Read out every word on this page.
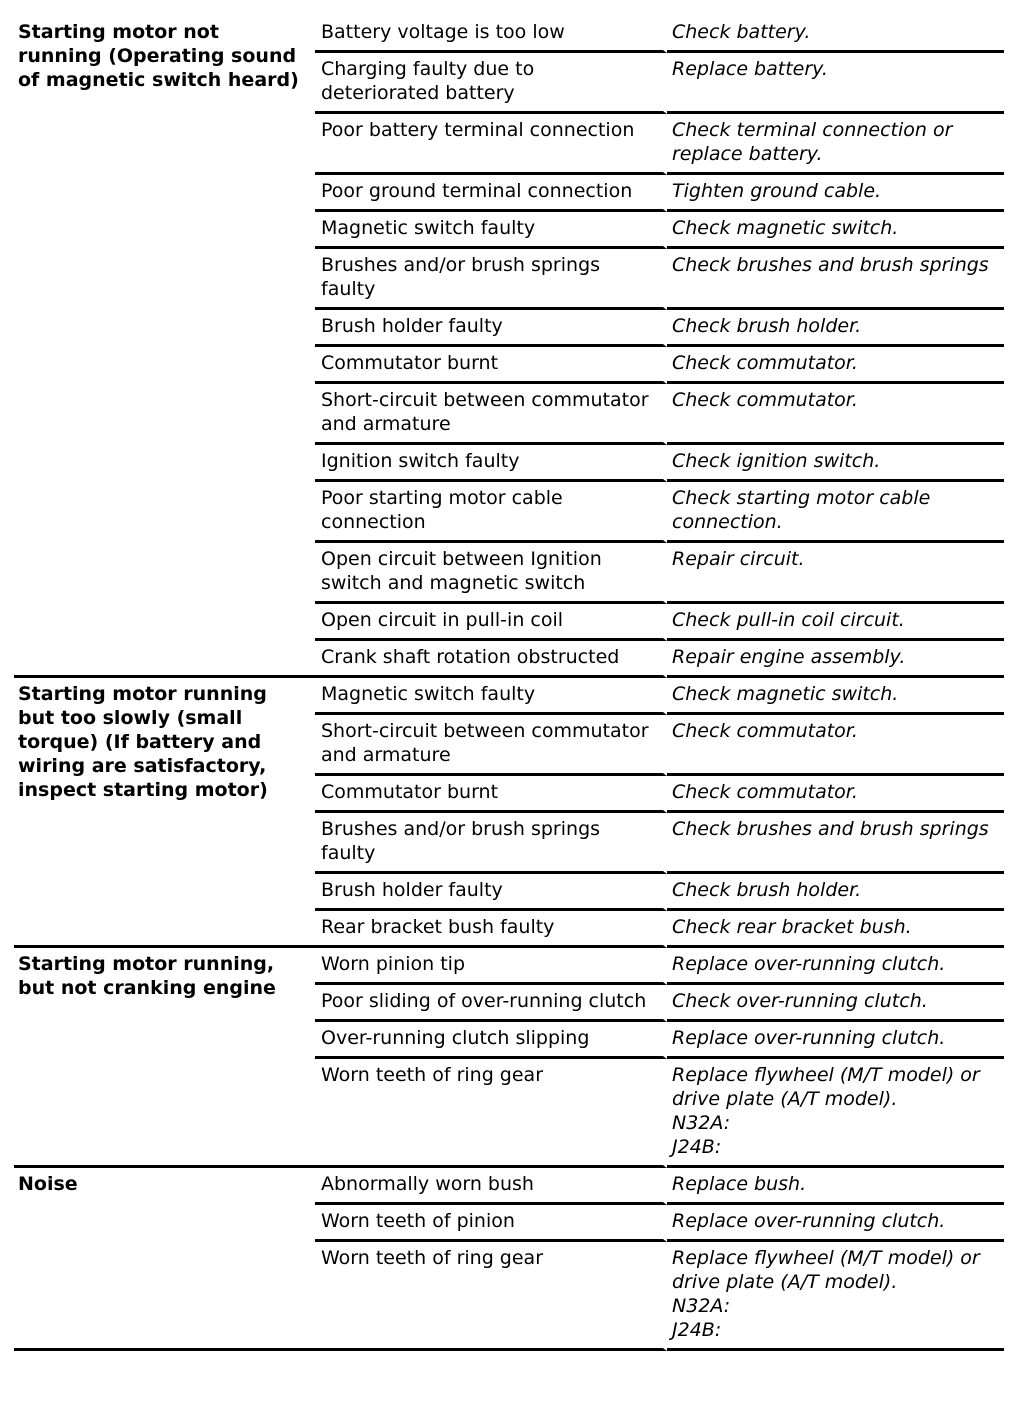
Starting motor not running (Operating sound of magnetic switch heard)	Battery voltage is too low	Check battery.

	Charging faulty due to deteriorated battery	Replace battery.

	Poor battery terminal connection	Check terminal connection or
replace battery.

	Poor ground terminal connection	Tighten ground cable.

	Magnetic switch faulty	Check magnetic switch.

	Brushes and/or brush springs faulty	Check brushes and brush springs

	Brush holder faulty	Check brush holder.

	Commutator burnt	Check commutator.

	Short-circuit between commutator and armature	Check commutator.

	Ignition switch faulty	Check ignition switch.

	Poor starting motor cable connection	Check starting motor cable
connection.

	Open circuit between Ignition switch and magnetic switch	Repair circuit.

	Open circuit in pull-in coil	Check pull-in coil circuit.

	Crank shaft rotation obstructed	Repair engine assembly.

Starting motor running but too slowly (small torque) (If battery and wiring are satisfactory, inspect starting motor)	Magnetic switch faulty	Check magnetic switch.

	Short-circuit between commutator and armature	Check commutator.

	Commutator burnt	Check commutator.

	Brushes and/or brush springs faulty	Check brushes and brush springs

	Brush holder faulty	Check brush holder.

	Rear bracket bush faulty	Check rear bracket bush.

Starting motor running, but not cranking engine	Worn pinion tip	Replace over-running clutch.

	Poor sliding of over-running clutch	Check over-running clutch.

	Over-running clutch slipping	Replace over-running clutch.

	Worn teeth of ring gear	Replace flywheel (M/T model) or
drive plate (A/T model).
N32A:
J24B:

Noise	Abnormally worn bush	Replace bush.

	Worn teeth of pinion	Replace over-running clutch.

	Worn teeth of ring gear	Replace flywheel (M/T model) or
drive plate (A/T model).
N32A:
J24B:
